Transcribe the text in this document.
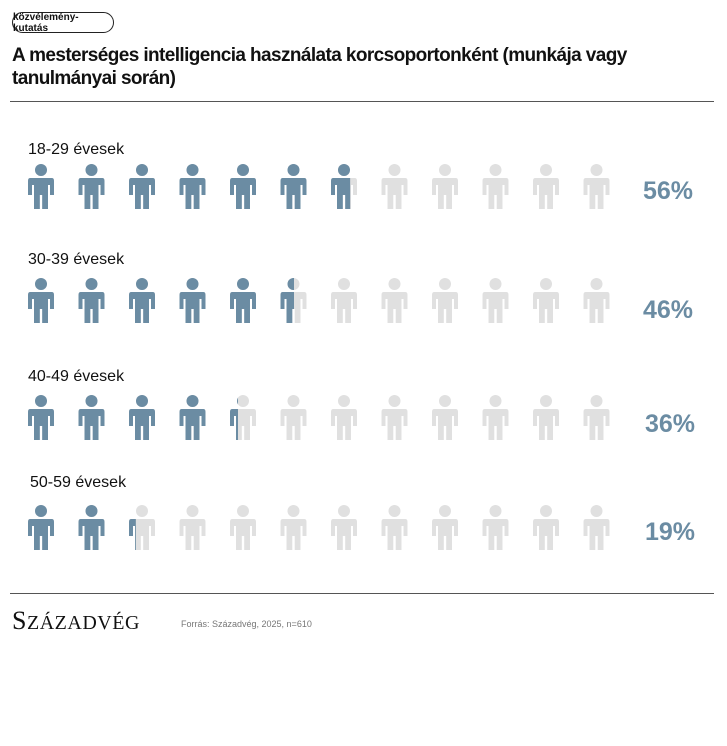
közvélemény-kutatás
A mesterséges intelligencia használata korcsoportonként (munkája vagy tanulmányai során)
18-29 évesek
56%
30-39 évesek
46%
40-49 évesek
36%
50-59 évesek
19%
SZÁZADVÉG	Forrás: Századvég, 2025, n=610
